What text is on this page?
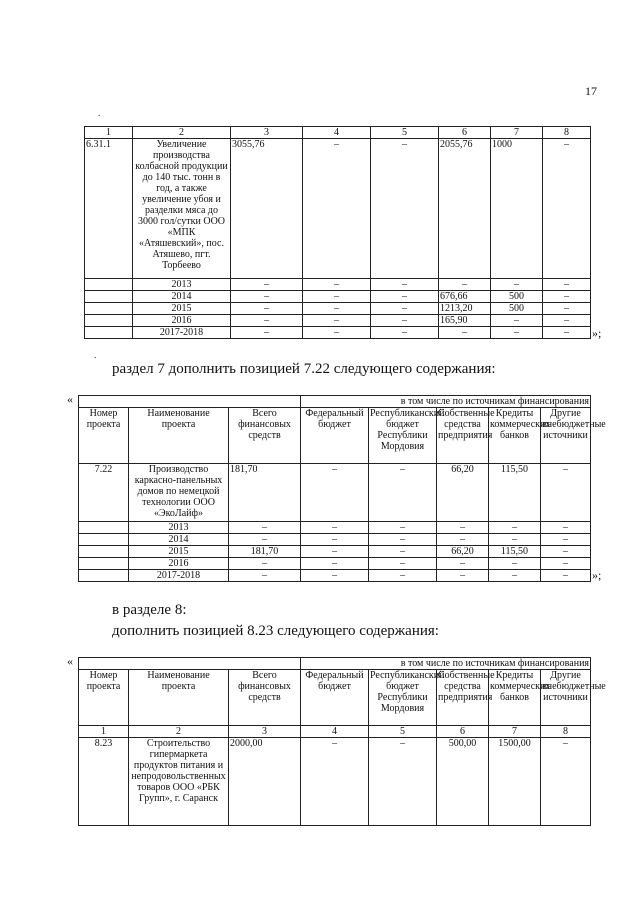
17
.
1	2	3	4	5	6	7	8
6.31.1	Увеличение производства колбасной продукции до 140 тыс. тонн в год, а также увеличение убоя и разделки мяса до 3000 гол/сутки ООО «МПК «Атяшевский», пос. Атяшево, пгт. Торбеево	3055,76	–	–	2055,76	1000	–
	2013	–	–	–	–	–	–
	2014	–	–	–	676,66	500	–
	2015	–	–	–	1213,20	500	–
	2016	–	–	–	165,90	–	–
	2017-2018	–	–	–	–	–	– »;
.
раздел 7 дополнить позицией 7.22 следующего содержания:
«
				в том числе по источникам финансирования				
Номер проекта	Наименование проекта	Всего финансовых средств	Федеральный бюджет	Республиканский бюджет Республики Мордовия	Собственные средства предприятия	Кредиты коммерческих банков	Другие внебюджетные источники
7.22	Производство каркасно-панельных домов по немецкой технологии ООО «ЭкоЛайф»	181,70	–	–	66,20	115,50	–
	2013	–	–	–	–	–	–
	2014	–	–	–	–	–	–
	2015	181,70	–	–	66,20	115,50	–
	2016	–	–	–	–	–	–
	2017-2018	–	–	–	–	–	– »;
в разделе 8:
дополнить позицией 8.23 следующего содержания:
«
				в том числе по источникам финансирования				
Номер проекта	Наименование проекта	Всего финансовых средств	Федеральный бюджет	Республиканский бюджет Республики Мордовия	Собственные средства предприятия	Кредиты коммерческих банков	Другие внебюджетные источники
1	2	3	4	5	6	7	8
8.23	Строительство гипермаркета продуктов питания и непродовольственных товаров ООО «РБК Групп», г. Саранск	2000,00	–	–	500,00	1500,00	–
